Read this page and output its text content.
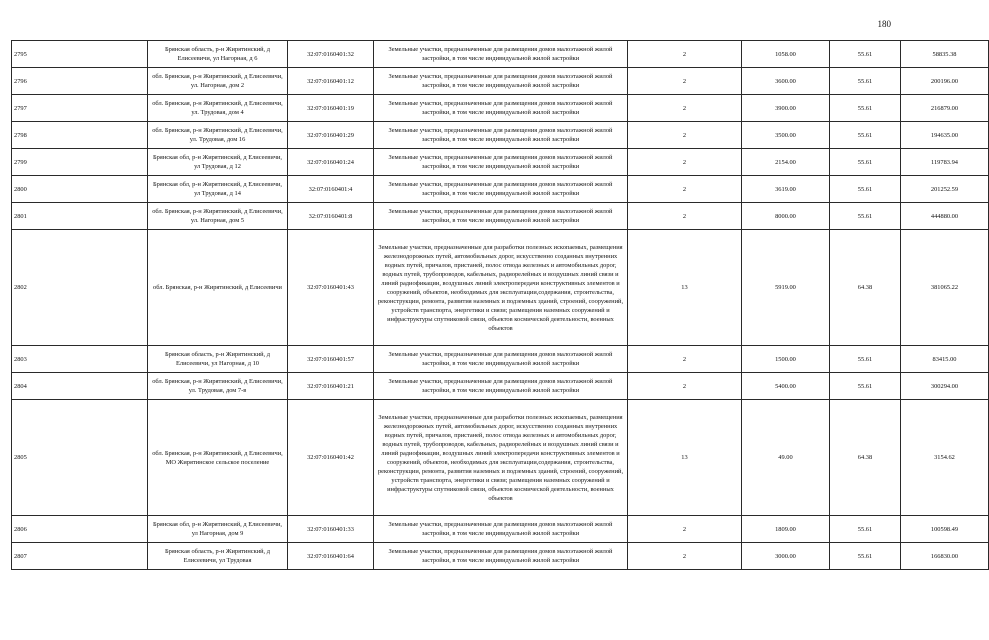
180
2795	Брянская область, р-н Жирятинский, д Елисеевичи, ул Нагорная, д 6	32:07:0160401:32	Земельные участки, предназначенные для размещения домов малоэтажной жилой застройки, в том числе индивидуальной жилой застройки	2	1058.00	55.61	58835.38
2796	обл. Брянская, р-н Жирятинский, д Елисеевичи, ул. Нагорная, дом 2	32:07:0160401:12	Земельные участки, предназначенные для размещения домов малоэтажной жилой застройки, в том числе индивидуальной жилой застройки	2	3600.00	55.61	200196.00
2797	обл. Брянская, р-н Жирятинский, д Елисеевичи, ул. Трудовая, дом 4	32:07:0160401:19	Земельные участки, предназначенные для размещения домов малоэтажной жилой застройки, в том числе индивидуальной жилой застройки	2	3900.00	55.61	216879.00
2798	обл. Брянская, р-н Жирятинский, д Елисеевичи, ул. Трудовая, дом 16	32:07:0160401:29	Земельные участки, предназначенные для размещения домов малоэтажной жилой застройки, в том числе индивидуальной жилой застройки	2	3500.00	55.61	194635.00
2799	Брянская обл, р-н Жирятинский, д Елисеевичи, ул Трудовая, д 12	32:07:0160401:24	Земельные участки, предназначенные для размещения домов малоэтажной жилой застройки, в том числе индивидуальной жилой застройки	2	2154.00	55.61	119783.94
2800	Брянская обл, р-н Жирятинский, д Елисеевичи, ул Трудовая, д 14	32:07:0160401:4	Земельные участки, предназначенные для размещения домов малоэтажной жилой застройки, в том числе индивидуальной жилой застройки	2	3619.00	55.61	201252.59
2801	обл. Брянская, р-н Жирятинский, д Елисеевичи, ул. Нагорная, дом 5	32:07:0160401:8	Земельные участки, предназначенные для размещения домов малоэтажной жилой застройки, в том числе индивидуальной жилой застройки	2	8000.00	55.61	444880.00
2802	обл. Брянская, р-н Жирятинский, д Елисеевичи	32:07:0160401:43	Земельные участки, предназначенные для разработки полезных ископаемых, размещения железнодорожных путей, автомобильных дорог, искусственно созданных внутренних водных путей, причалов, пристаней, полос отвода железных и автомобильных дорог, водных путей, трубопроводов, кабельных, радиорелейных и воздушных линий связи и линий радиофикации, воздушных линий электропередачи конструктивных элементов и сооружений, объектов, необходимых для эксплуатации,содержания, строительства, реконструкции, ремонта, развития наземных и подземных зданий, строений, сооружений, устройств транспорта, энергетики и связи; размещения наземных сооружений и инфраструктуры спутниковой связи, объектов космической деятельности, военных объектов	13	5919.00	64.38	381065.22
2803	Брянская область, р-н Жирятинский, д Елисеевичи, ул Нагорная, д 10	32:07:0160401:57	Земельные участки, предназначенные для размещения домов малоэтажной жилой застройки, в том числе индивидуальной жилой застройки	2	1500.00	55.61	83415.00
2804	обл. Брянская, р-н Жирятинский, д Елисеевичи, ул. Трудовая, дом 7-в	32:07:0160401:21	Земельные участки, предназначенные для размещения домов малоэтажной жилой застройки, в том числе индивидуальной жилой застройки	2	5400.00	55.61	300294.00
2805	обл. Брянская, р-н Жирятинский, д Елисеевичи, МО Жирятинское сельское поселение	32:07:0160401:42	Земельные участки, предназначенные для разработки полезных ископаемых, размещения железнодорожных путей, автомобильных дорог, искусственно созданных внутренних водных путей, причалов, пристаней, полос отвода железных и автомобильных дорог, водных путей, трубопроводов, кабельных, радиорелейных и воздушных линий связи и линий радиофикации, воздушных линий электропередачи конструктивных элементов и сооружений, объектов, необходимых для эксплуатации,содержания, строительства, реконструкции, ремонта, развития наземных и подземных зданий, строений, сооружений, устройств транспорта, энергетики и связи; размещения наземных сооружений и инфраструктуры спутниковой связи, объектов космической деятельности, военных объектов	13	49.00	64.38	3154.62
2806	Брянская обл, р-н Жирятинский, д Елисеевичи, ул Нагорная, дом 9	32:07:0160401:33	Земельные участки, предназначенные для размещения домов малоэтажной жилой застройки, в том числе индивидуальной жилой застройки	2	1809.00	55.61	100598.49
2807	Брянская область, р-н Жирятинский, д Елисеевичи, ул Трудовая	32:07:0160401:64	Земельные участки, предназначенные для размещения домов малоэтажной жилой застройки, в том числе индивидуальной жилой застройки	2	3000.00	55.61	166830.00
